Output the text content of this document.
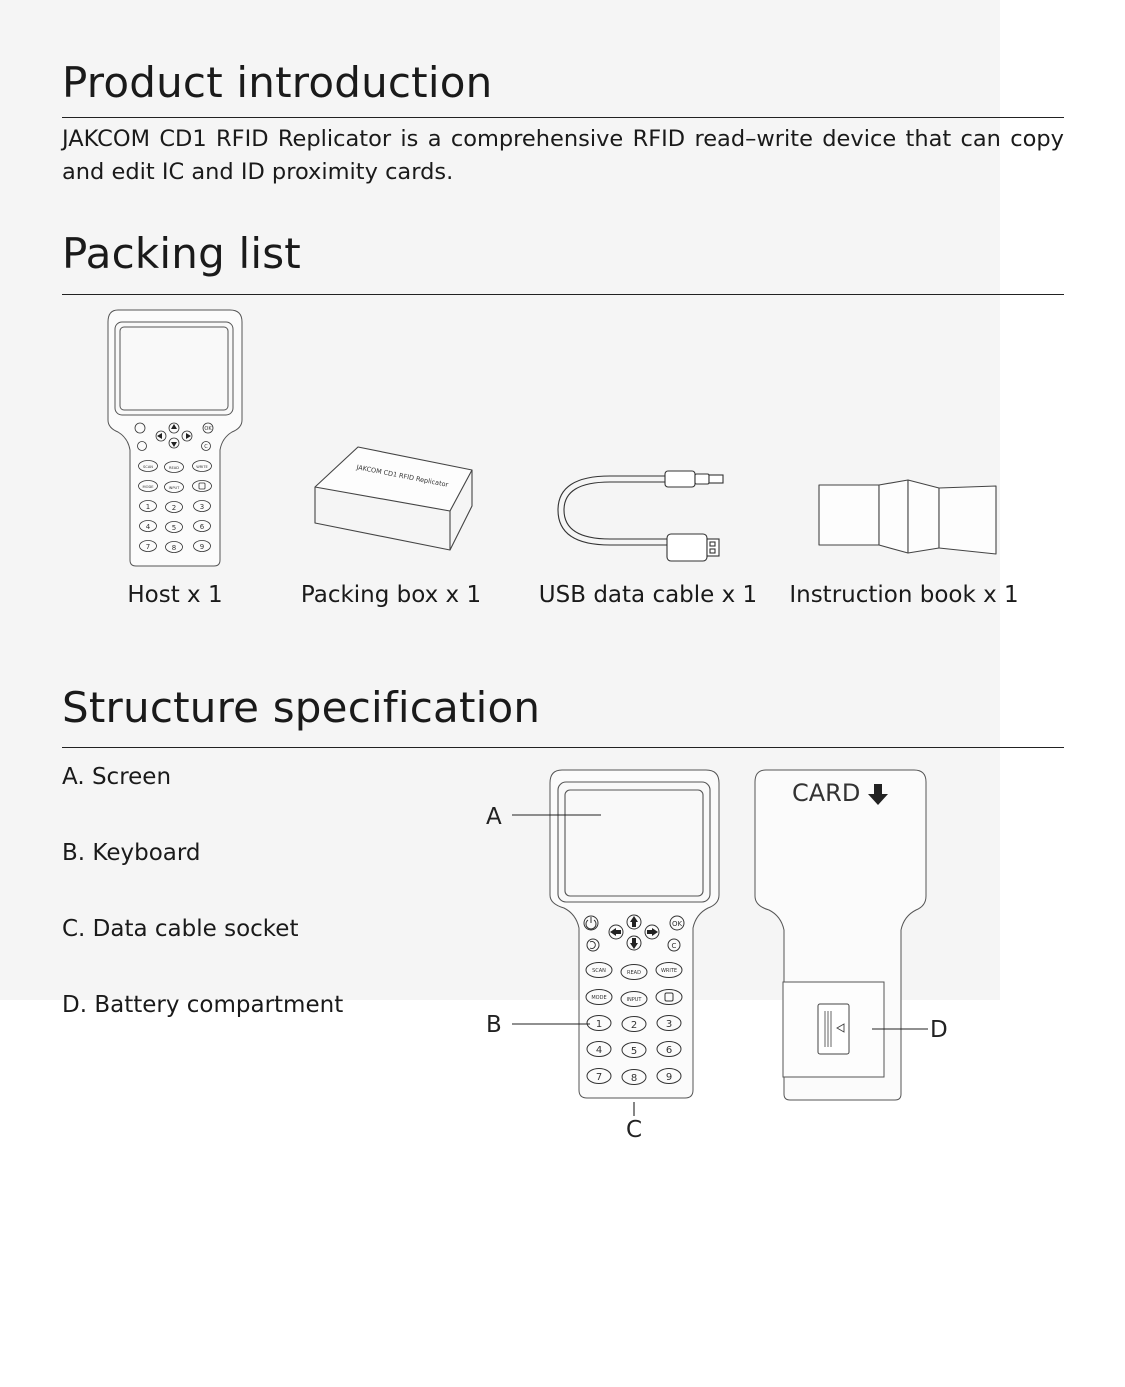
Product introduction

JAKCOM CD1 RFID Replicator is a comprehensive RFID read–write device that can copy and edit IC and ID proximity cards.

Packing list
OK
C
SCAN	READ	WRITE
MODE	INPUT
1	2	3
4	5	6
7	8	9
JAKCOM CD1 RFID Replicator
Host x 1	Packing box x 1	USB data cable x 1 Instruction book x 1
Structure specification
A. Screen
B. Keyboard
C. Data cable socket
D. Battery compartment
OK
C
SCAN	READ	WRITE
MODE	INPUT
1	2	3
4	5	6
7	8	9
A
B
C
D
CARD
